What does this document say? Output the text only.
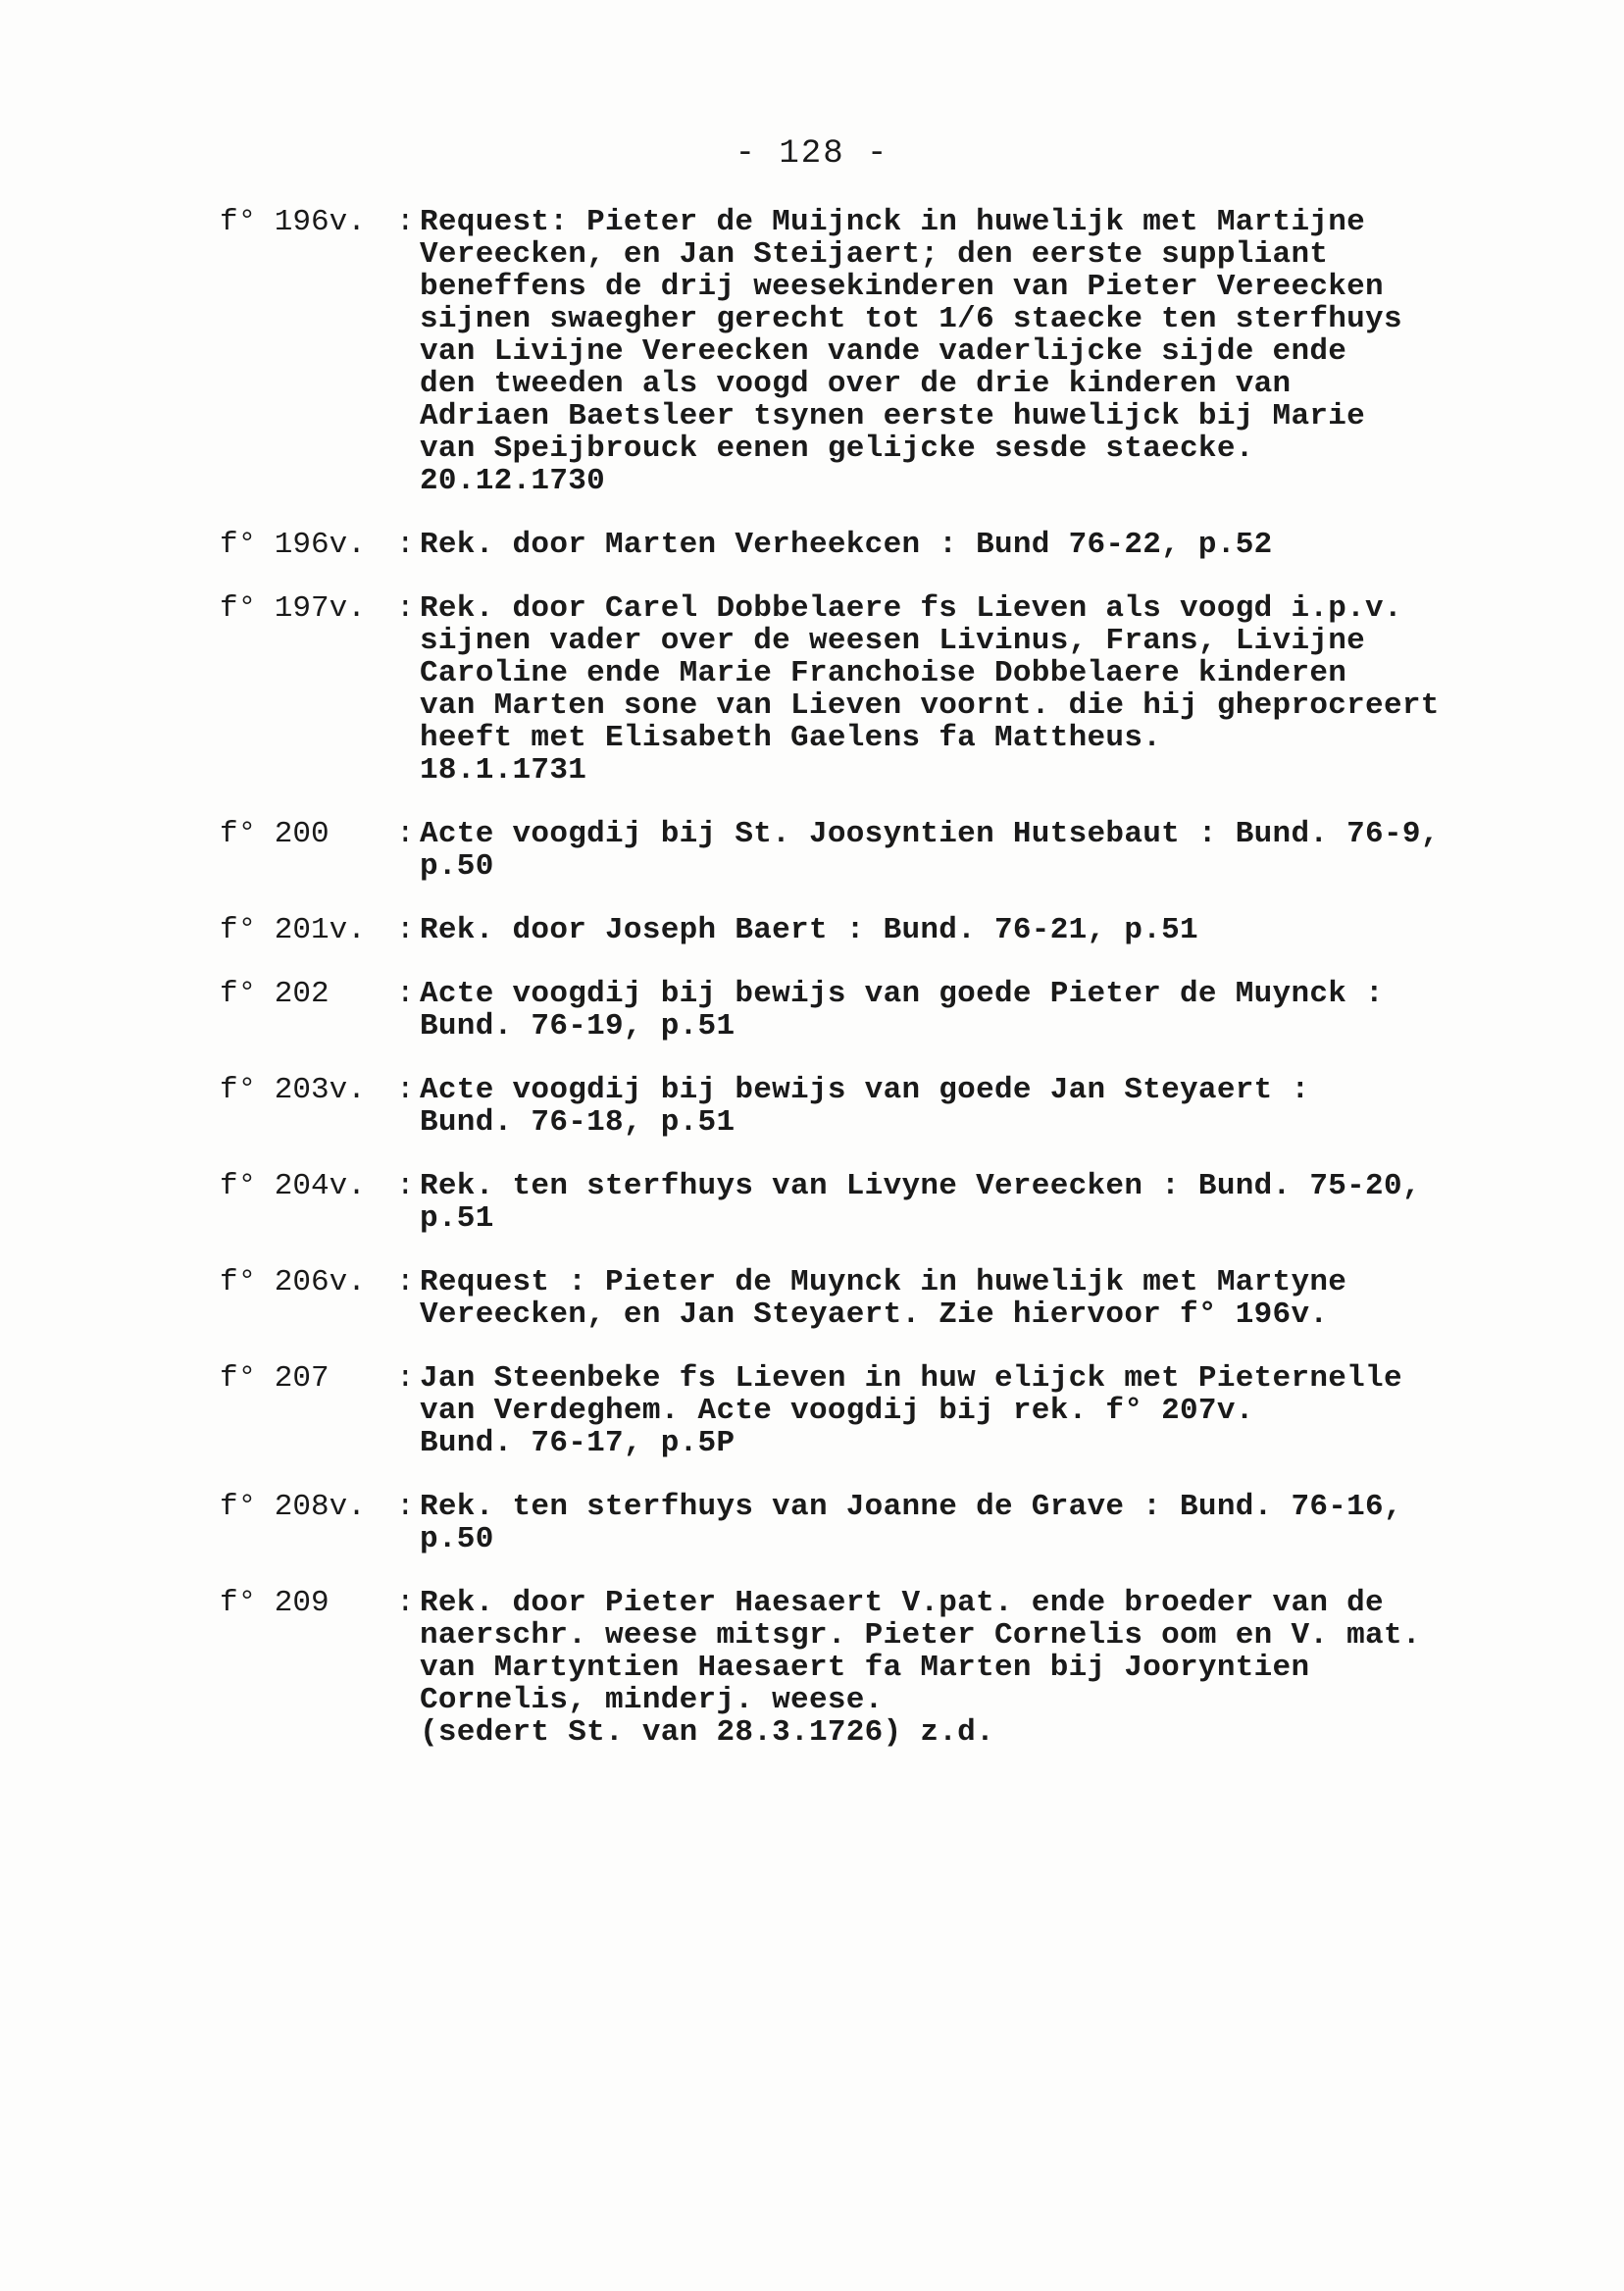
- 128 -
f° 196v.	: Request: Pieter de Muijnck in huwelijk met Martijne
Vereecken, en Jan Steijaert; den eerste suppliant
beneffens de drij weesekinderen van Pieter Vereecken
sijnen swaegher gerecht tot 1/6 staecke ten sterfhuys
van Livijne Vereecken vande vaderlijcke sijde ende
den tweeden als voogd over de drie kinderen van
Adriaen Baetsleer tsynen eerste huwelijck bij Marie
van Speijbrouck eenen gelijcke sesde staecke.
20.12.1730
f° 196v.	: Rek. door Marten Verheekcen : Bund 76-22, p.52
f° 197v.	: Rek. door Carel Dobbelaere fs Lieven als voogd i.p.v.
sijnen vader over de weesen Livinus, Frans, Livijne
Caroline ende Marie Franchoise Dobbelaere kinderen
van Marten sone van Lieven voornt. die hij gheprocreert
heeft met Elisabeth Gaelens fa Mattheus.
18.1.1731
f° 200	: Acte voogdij bij St. Joosyntien Hutsebaut : Bund. 76-9,
p.50
f° 201v.	: Rek. door Joseph Baert : Bund. 76-21, p.51
f° 202	: Acte voogdij bij bewijs van goede Pieter de Muynck :
Bund. 76-19, p.51
f° 203v.	: Acte voogdij bij bewijs van goede Jan Steyaert :
Bund. 76-18, p.51
f° 204v.	: Rek. ten sterfhuys van Livyne Vereecken : Bund. 75-20,
p.51
f° 206v.	: Request : Pieter de Muynck in huwelijk met Martyne
Vereecken, en Jan Steyaert. Zie hiervoor f° 196v.
f° 207	: Jan Steenbeke fs Lieven in huw elijck met Pieternelle
van Verdeghem. Acte voogdij bij rek. f° 207v.
Bund. 76-17, p.5P
f° 208v.	: Rek. ten sterfhuys van Joanne de Grave : Bund. 76-16,
p.50
f° 209	: Rek. door Pieter Haesaert V.pat. ende broeder van de
naerschr. weese mitsgr. Pieter Cornelis oom en V. mat.
van Martyntien Haesaert fa Marten bij Jooryntien
Cornelis, minderj. weese.
(sedert St. van 28.3.1726) z.d.
